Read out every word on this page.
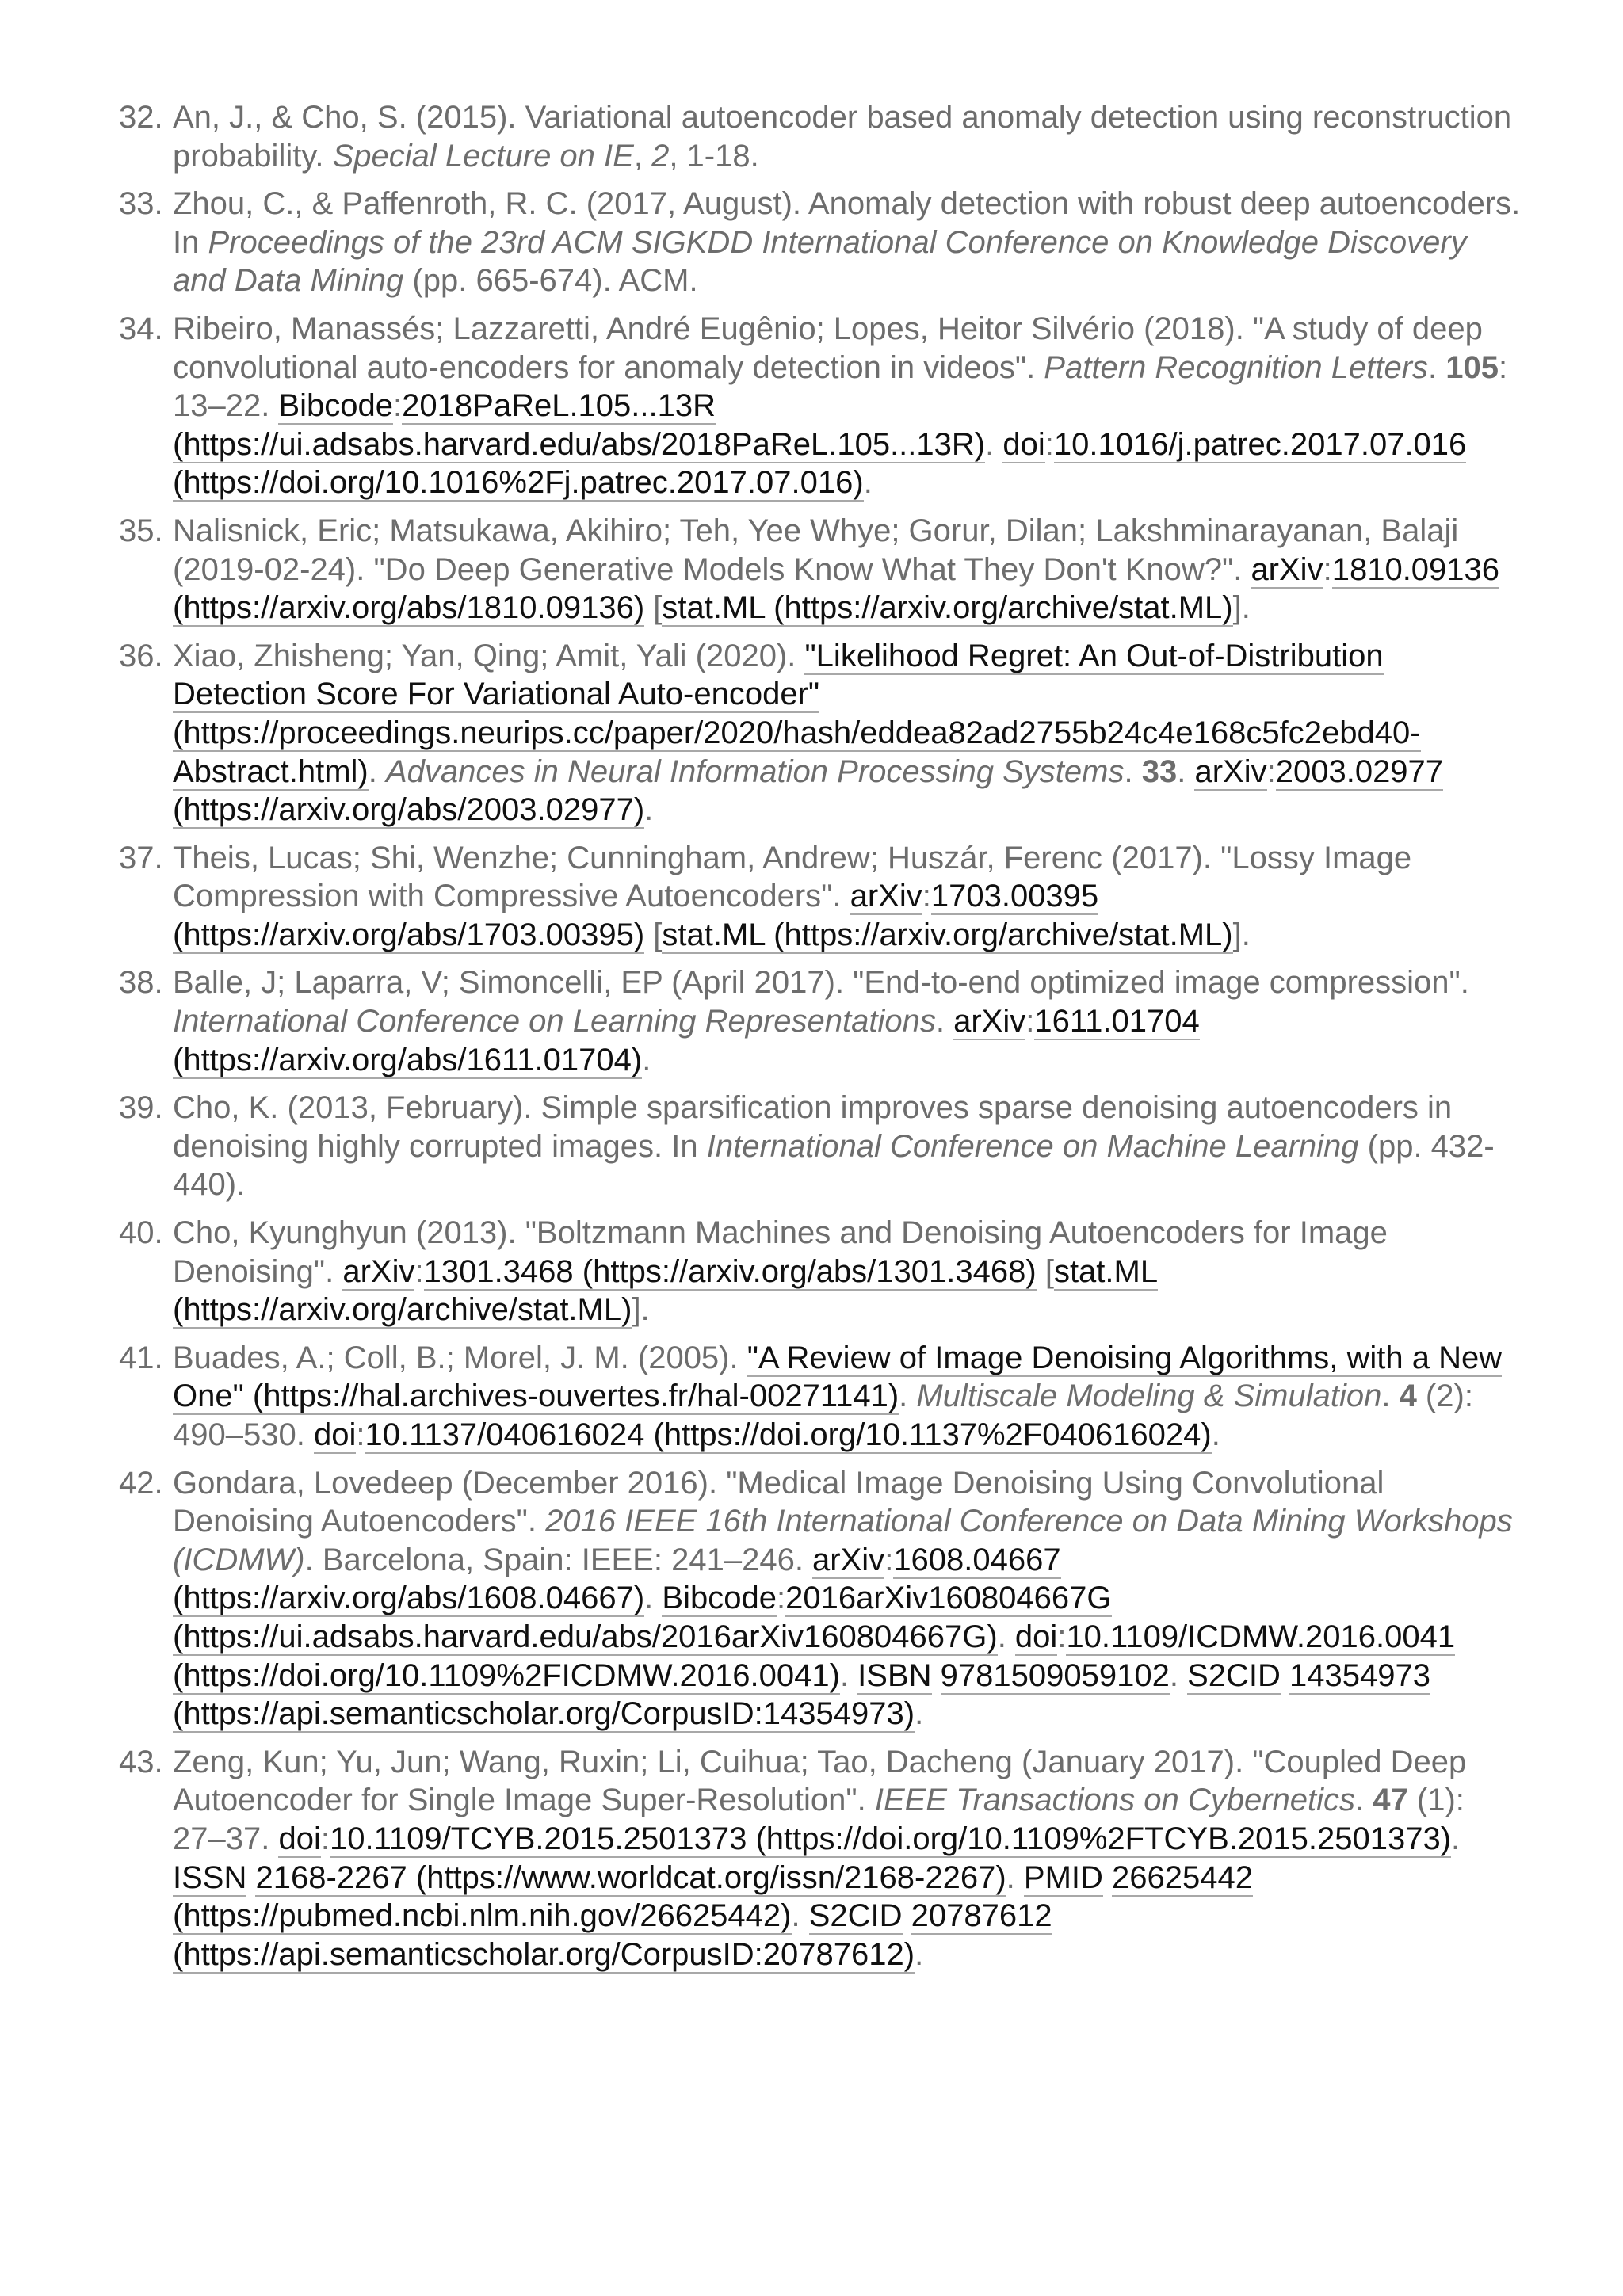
32. An, J., & Cho, S. (2015). Variational autoencoder based anomaly detection using reconstruction probability. Special Lecture on IE, 2, 1-18.
33. Zhou, C., & Paffenroth, R. C. (2017, August). Anomaly detection with robust deep autoencoders. In Proceedings of the 23rd ACM SIGKDD International Conference on Knowledge Discovery and Data Mining (pp. 665-674). ACM.
34. Ribeiro, Manassés; Lazzaretti, André Eugênio; Lopes, Heitor Silvério (2018). "A study of deep convolutional auto-encoders for anomaly detection in videos". Pattern Recognition Letters. 105: 13–22. Bibcode:2018PaReL.105...13R (https://ui.adsabs.harvard.edu/abs/2018PaReL.105...13R). doi:10.1016/j.patrec.2017.07.016 (https://doi.org/10.1016%2Fj.patrec.2017.07.016).
35. Nalisnick, Eric; Matsukawa, Akihiro; Teh, Yee Whye; Gorur, Dilan; Lakshminarayanan, Balaji (2019-02-24). "Do Deep Generative Models Know What They Don't Know?". arXiv:1810.09136 (https://arxiv.org/abs/1810.09136) [stat.ML (https://arxiv.org/archive/stat.ML)].
36. Xiao, Zhisheng; Yan, Qing; Amit, Yali (2020). "Likelihood Regret: An Out-of-Distribution Detection Score For Variational Auto-encoder" (https://proceedings.neurips.cc/paper/2020/hash/eddea82ad2755b24c4e168c5fc2ebd40-Abstract.html). Advances in Neural Information Processing Systems. 33. arXiv:2003.02977 (https://arxiv.org/abs/2003.02977).
37. Theis, Lucas; Shi, Wenzhe; Cunningham, Andrew; Huszár, Ferenc (2017). "Lossy Image Compression with Compressive Autoencoders". arXiv:1703.00395 (https://arxiv.org/abs/1703.00395) [stat.ML (https://arxiv.org/archive/stat.ML)].
38. Balle, J; Laparra, V; Simoncelli, EP (April 2017). "End-to-end optimized image compression". International Conference on Learning Representations. arXiv:1611.01704 (https://arxiv.org/abs/1611.01704).
39. Cho, K. (2013, February). Simple sparsification improves sparse denoising autoencoders in denoising highly corrupted images. In International Conference on Machine Learning (pp. 432-440).
40. Cho, Kyunghyun (2013). "Boltzmann Machines and Denoising Autoencoders for Image Denoising". arXiv:1301.3468 (https://arxiv.org/abs/1301.3468) [stat.ML (https://arxiv.org/archive/stat.ML)].
41. Buades, A.; Coll, B.; Morel, J. M. (2005). "A Review of Image Denoising Algorithms, with a New One" (https://hal.archives-ouvertes.fr/hal-00271141). Multiscale Modeling & Simulation. 4 (2): 490–530. doi:10.1137/040616024 (https://doi.org/10.1137%2F040616024).
42. Gondara, Lovedeep (December 2016). "Medical Image Denoising Using Convolutional Denoising Autoencoders". 2016 IEEE 16th International Conference on Data Mining Workshops (ICDMW). Barcelona, Spain: IEEE: 241–246. arXiv:1608.04667 (https://arxiv.org/abs/1608.04667). Bibcode:2016arXiv160804667G (https://ui.adsabs.harvard.edu/abs/2016arXiv160804667G). doi:10.1109/ICDMW.2016.0041 (https://doi.org/10.1109%2FICDMW.2016.0041). ISBN 9781509059102. S2CID 14354973 (https://api.semanticscholar.org/CorpusID:14354973).
43. Zeng, Kun; Yu, Jun; Wang, Ruxin; Li, Cuihua; Tao, Dacheng (January 2017). "Coupled Deep Autoencoder for Single Image Super-Resolution". IEEE Transactions on Cybernetics. 47 (1): 27–37. doi:10.1109/TCYB.2015.2501373 (https://doi.org/10.1109%2FTCYB.2015.2501373). ISSN 2168-2267 (https://www.worldcat.org/issn/2168-2267). PMID 26625442 (https://pubmed.ncbi.nlm.nih.gov/26625442). S2CID 20787612 (https://api.semanticscholar.org/CorpusID:20787612).
